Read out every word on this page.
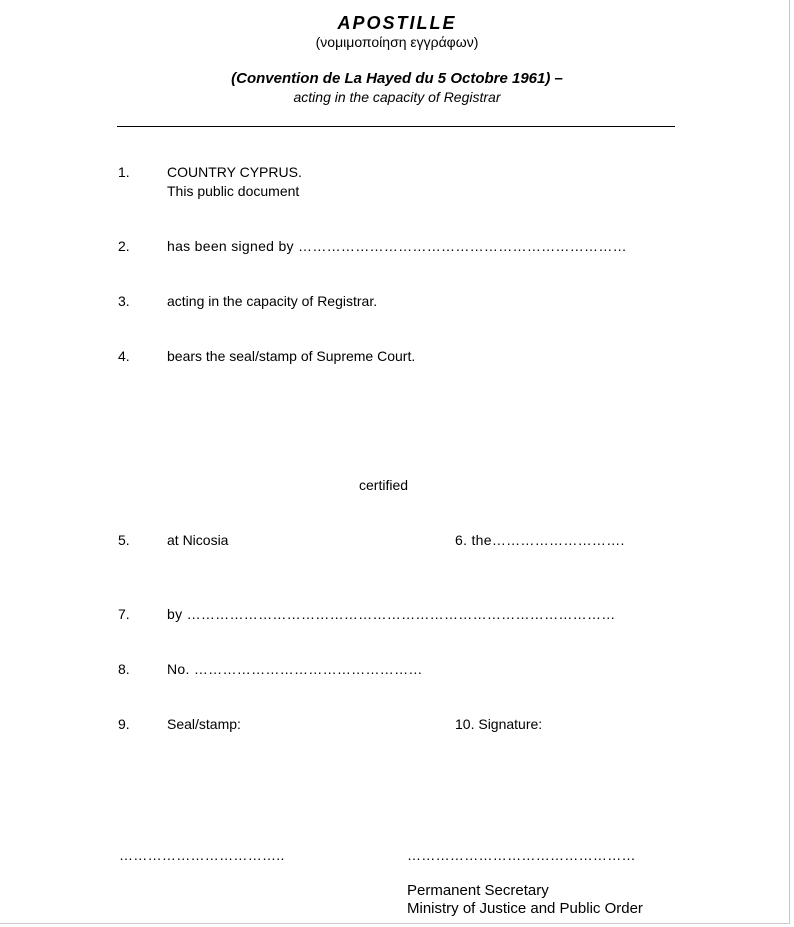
APOSTILLE
(νομιμοποίηση εγγράφων)
(Convention de La Hayed du 5 Octobre 1961) –
acting in the capacity of Registrar
1.	COUNTRY CYPRUS.
This public document
2.	has been signed by ……………………………………………………………
3.	acting in the capacity of Registrar.
4.	bears the seal/stamp of Supreme Court.
certified
5.	at Nicosia	6. the……………………….
7.	by ………………………………………………………………………………
8.	No. …………………………………………
9.	Seal/stamp:	10. Signature:
……………………………..	…………………………………………
Permanent Secretary
Ministry of Justice and Public Order
